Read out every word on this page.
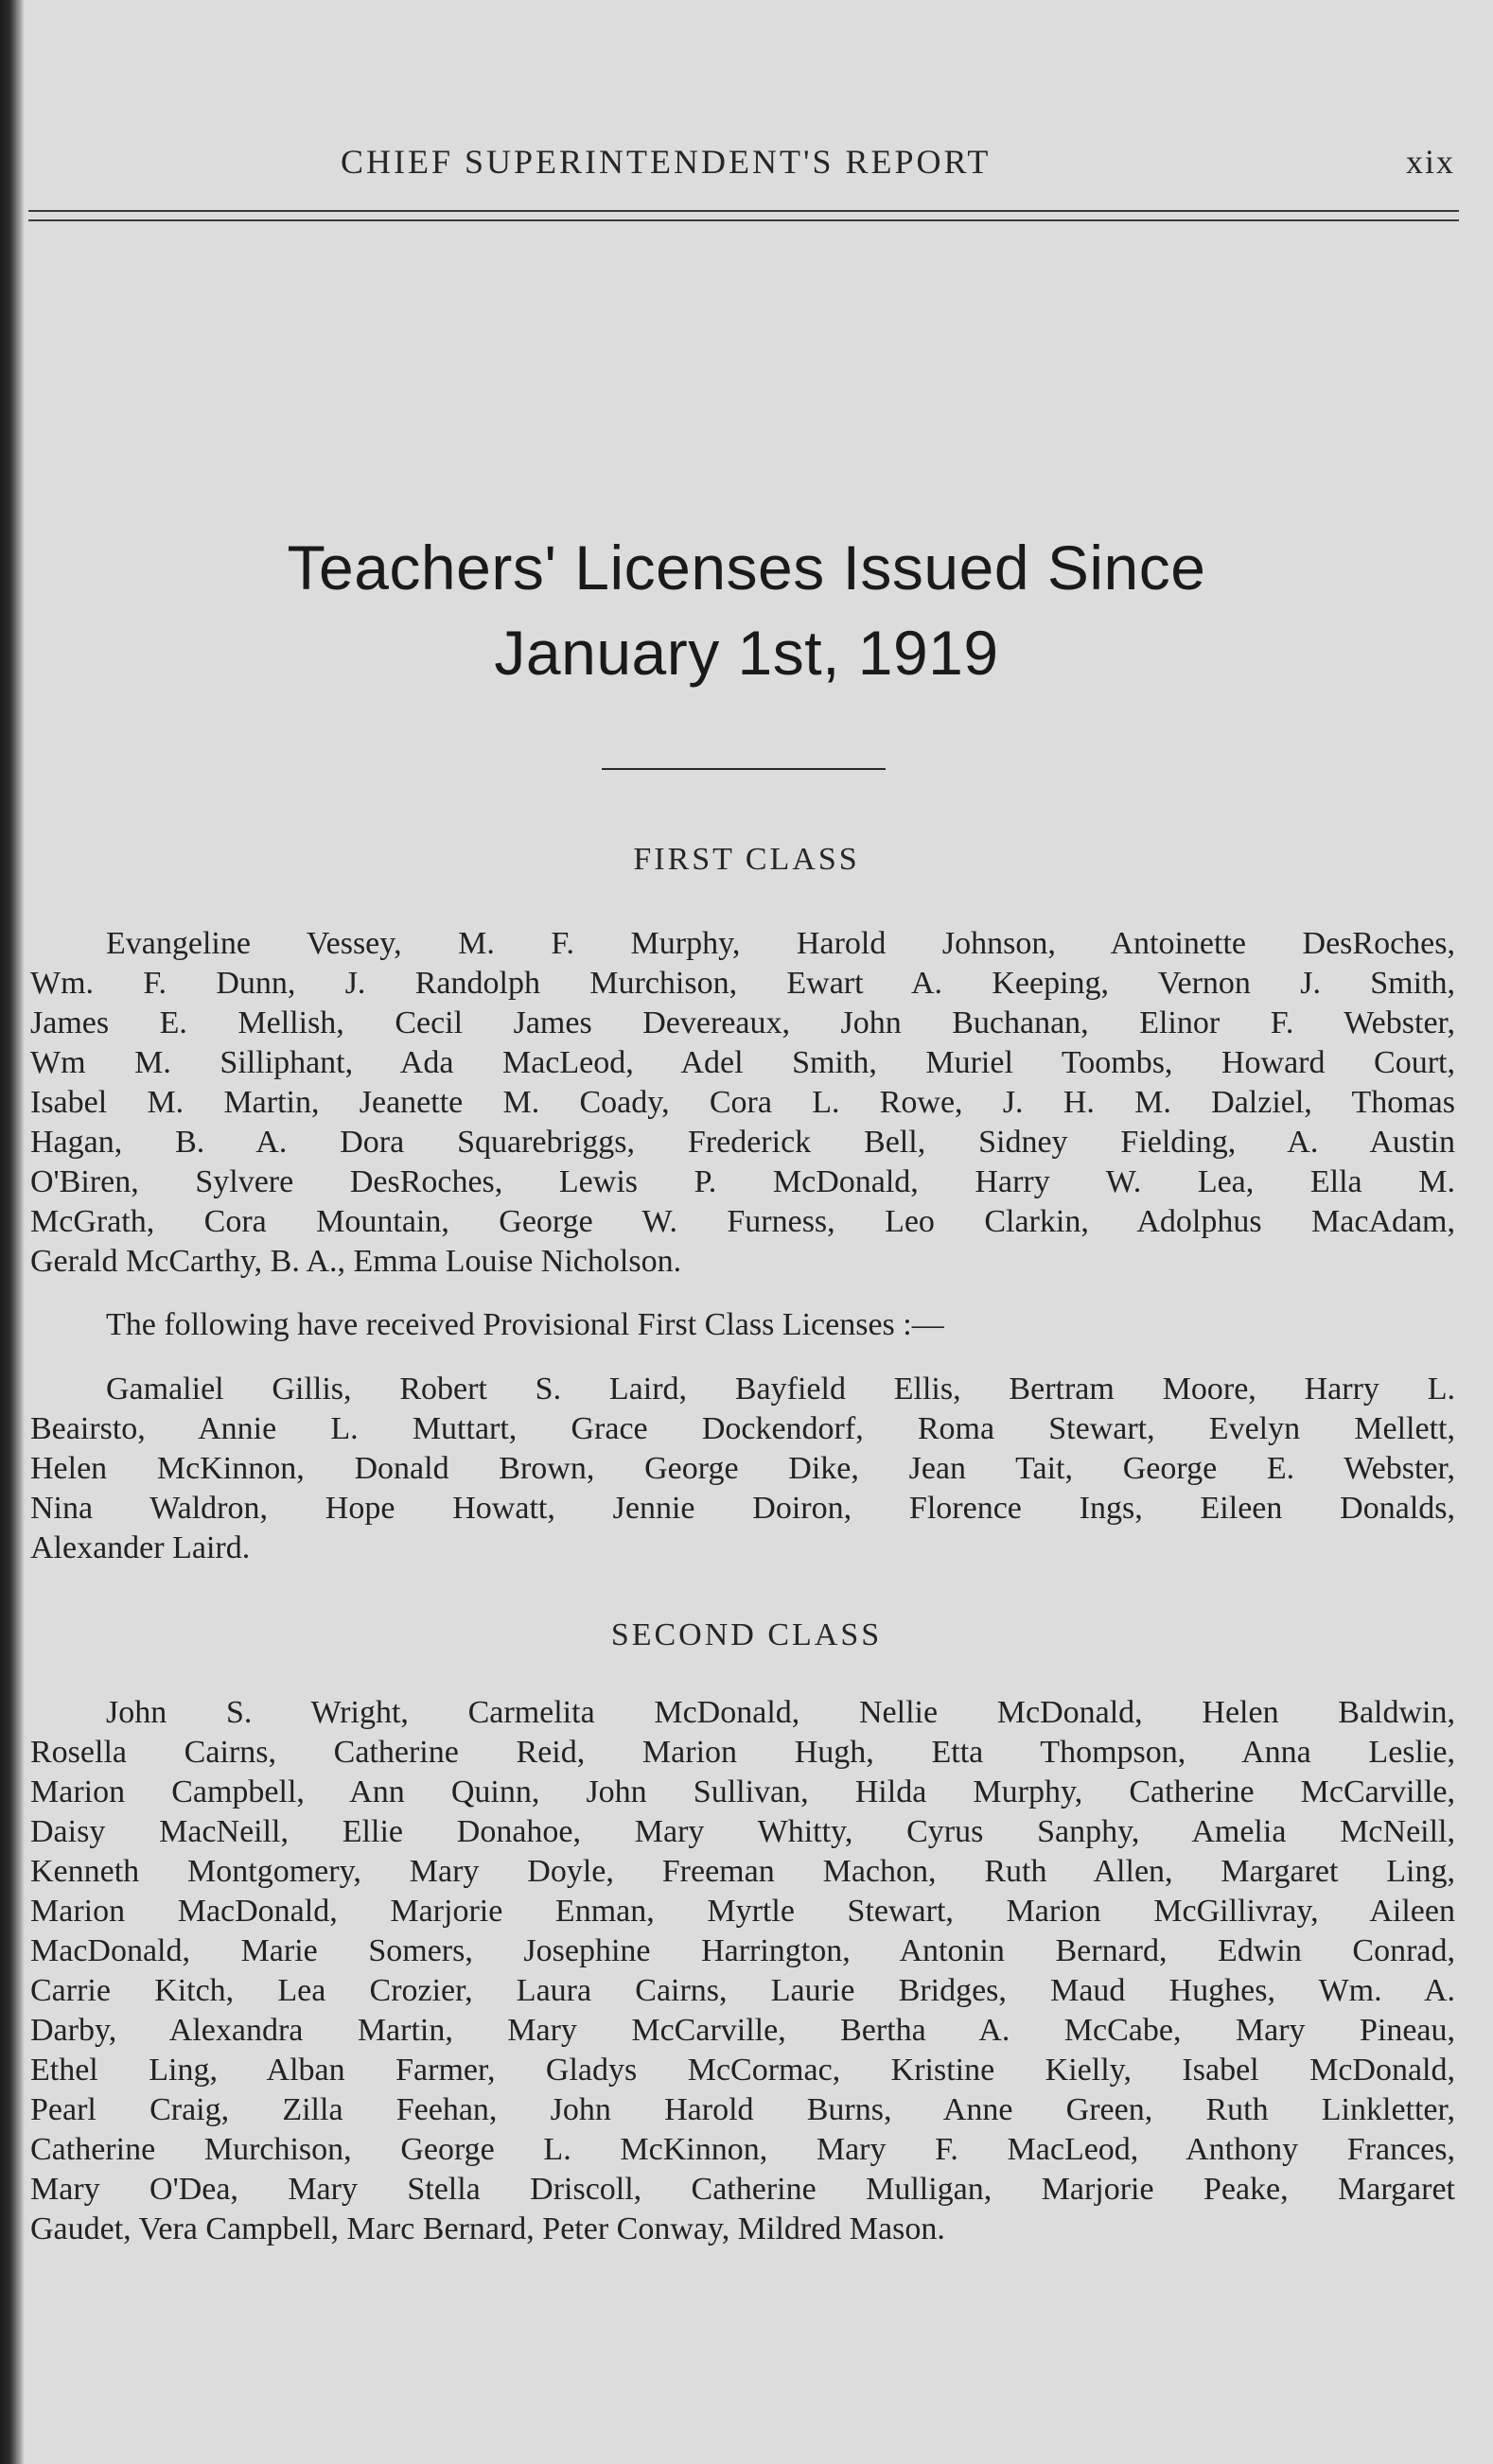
CHIEF SUPERINTENDENT'S REPORT	xix
Teachers' Licenses Issued Since
January 1st, 1919
FIRST CLASS
Evangeline Vessey, M. F. Murphy, Harold Johnson, Antoinette DesRoches,
Wm. F. Dunn, J. Randolph Murchison, Ewart A. Keeping, Vernon J. Smith,
James E. Mellish, Cecil James Devereaux, John Buchanan, Elinor F. Webster,
Wm M. Silliphant, Ada MacLeod, Adel Smith, Muriel Toombs, Howard Court,
Isabel M. Martin, Jeanette M. Coady, Cora L. Rowe, J. H. M. Dalziel, Thomas
Hagan, B. A. Dora Squarebriggs, Frederick Bell, Sidney Fielding, A. Austin
O'Biren, Sylvere DesRoches, Lewis P. McDonald, Harry W. Lea, Ella M.
McGrath, Cora Mountain, George W. Furness, Leo Clarkin, Adolphus MacAdam,
Gerald McCarthy, B. A., Emma Louise Nicholson.
The following have received Provisional First Class Licenses :—
Gamaliel Gillis, Robert S. Laird, Bayfield Ellis, Bertram Moore, Harry L.
Beairsto, Annie L. Muttart, Grace Dockendorf, Roma Stewart, Evelyn Mellett,
Helen McKinnon, Donald Brown, George Dike, Jean Tait, George E. Webster,
Nina Waldron, Hope Howatt, Jennie Doiron, Florence Ings, Eileen Donalds,
Alexander Laird.
SECOND CLASS
John S. Wright, Carmelita McDonald, Nellie McDonald, Helen Baldwin,
Rosella Cairns, Catherine Reid, Marion Hugh, Etta Thompson, Anna Leslie,
Marion Campbell, Ann Quinn, John Sullivan, Hilda Murphy, Catherine McCarville,
Daisy MacNeill, Ellie Donahoe, Mary Whitty, Cyrus Sanphy, Amelia McNeill,
Kenneth Montgomery, Mary Doyle, Freeman Machon, Ruth Allen, Margaret Ling,
Marion MacDonald, Marjorie Enman, Myrtle Stewart, Marion McGillivray, Aileen
MacDonald, Marie Somers, Josephine Harrington, Antonin Bernard, Edwin Conrad,
Carrie Kitch, Lea Crozier, Laura Cairns, Laurie Bridges, Maud Hughes, Wm. A.
Darby, Alexandra Martin, Mary McCarville, Bertha A. McCabe, Mary Pineau,
Ethel Ling, Alban Farmer, Gladys McCormac, Kristine Kielly, Isabel McDonald,
Pearl Craig, Zilla Feehan, John Harold Burns, Anne Green, Ruth Linkletter,
Catherine Murchison, George L. McKinnon, Mary F. MacLeod, Anthony Frances,
Mary O'Dea, Mary Stella Driscoll, Catherine Mulligan, Marjorie Peake, Margaret
Gaudet, Vera Campbell, Marc Bernard, Peter Conway, Mildred Mason.
